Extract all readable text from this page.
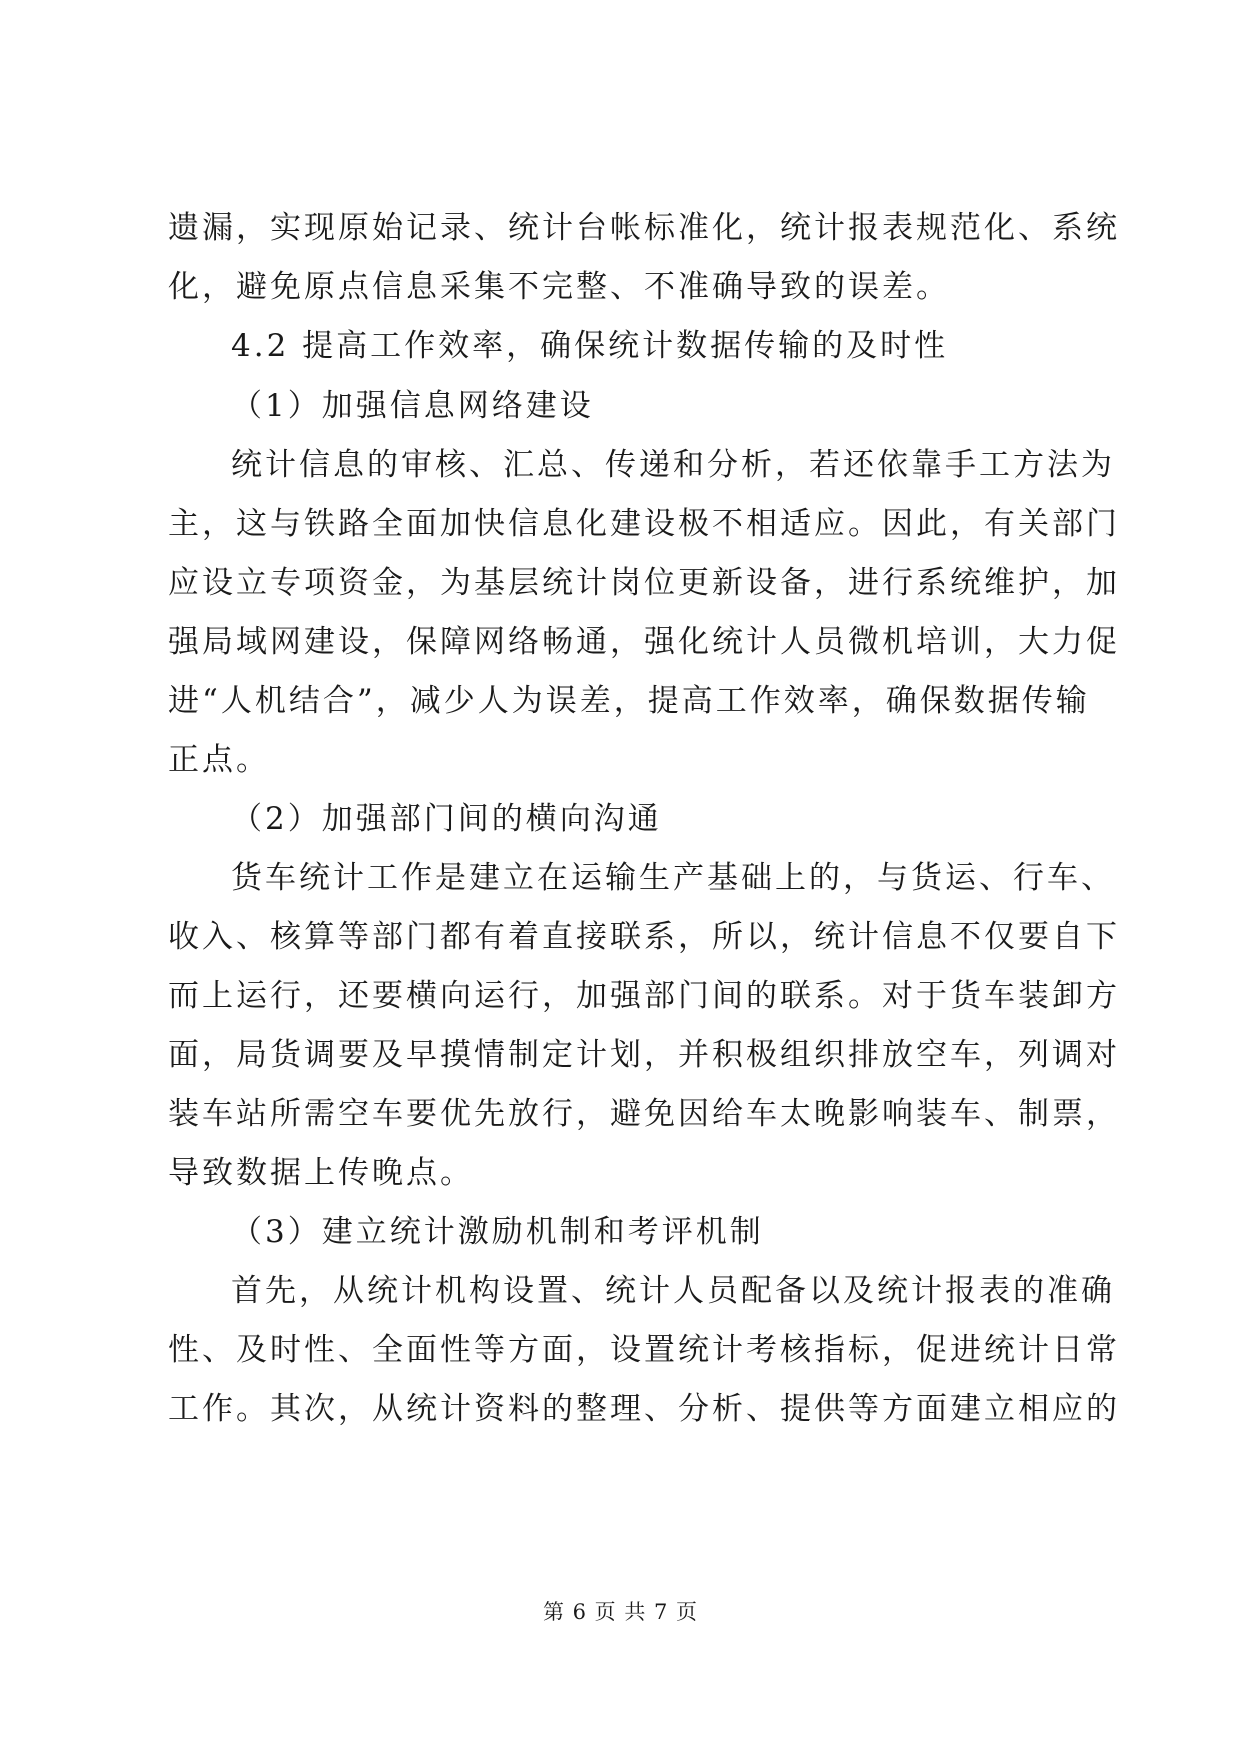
遗漏，实现原始记录、统计台帐标准化，统计报表规范化、系统
化，避免原点信息采集不完整、不准确导致的误差。
4.2 提高工作效率，确保统计数据传输的及时性
（1）加强信息网络建设
统计信息的审核、汇总、传递和分析，若还依靠手工方法为
主，这与铁路全面加快信息化建设极不相适应。因此，有关部门
应设立专项资金，为基层统计岗位更新设备，进行系统维护，加
强局域网建设，保障网络畅通，强化统计人员微机培训，大力促
进“人机结合”，减少人为误差，提高工作效率，确保数据传输
正点。
（2）加强部门间的横向沟通
货车统计工作是建立在运输生产基础上的，与货运、行车、
收入、核算等部门都有着直接联系，所以，统计信息不仅要自下
而上运行，还要横向运行，加强部门间的联系。对于货车装卸方
面，局货调要及早摸情制定计划，并积极组织排放空车，列调对
装车站所需空车要优先放行，避免因给车太晚影响装车、制票，
导致数据上传晚点。
（3）建立统计激励机制和考评机制
首先，从统计机构设置、统计人员配备以及统计报表的准确
性、及时性、全面性等方面，设置统计考核指标，促进统计日常
工作。其次，从统计资料的整理、分析、提供等方面建立相应的
第 6 页 共 7 页
